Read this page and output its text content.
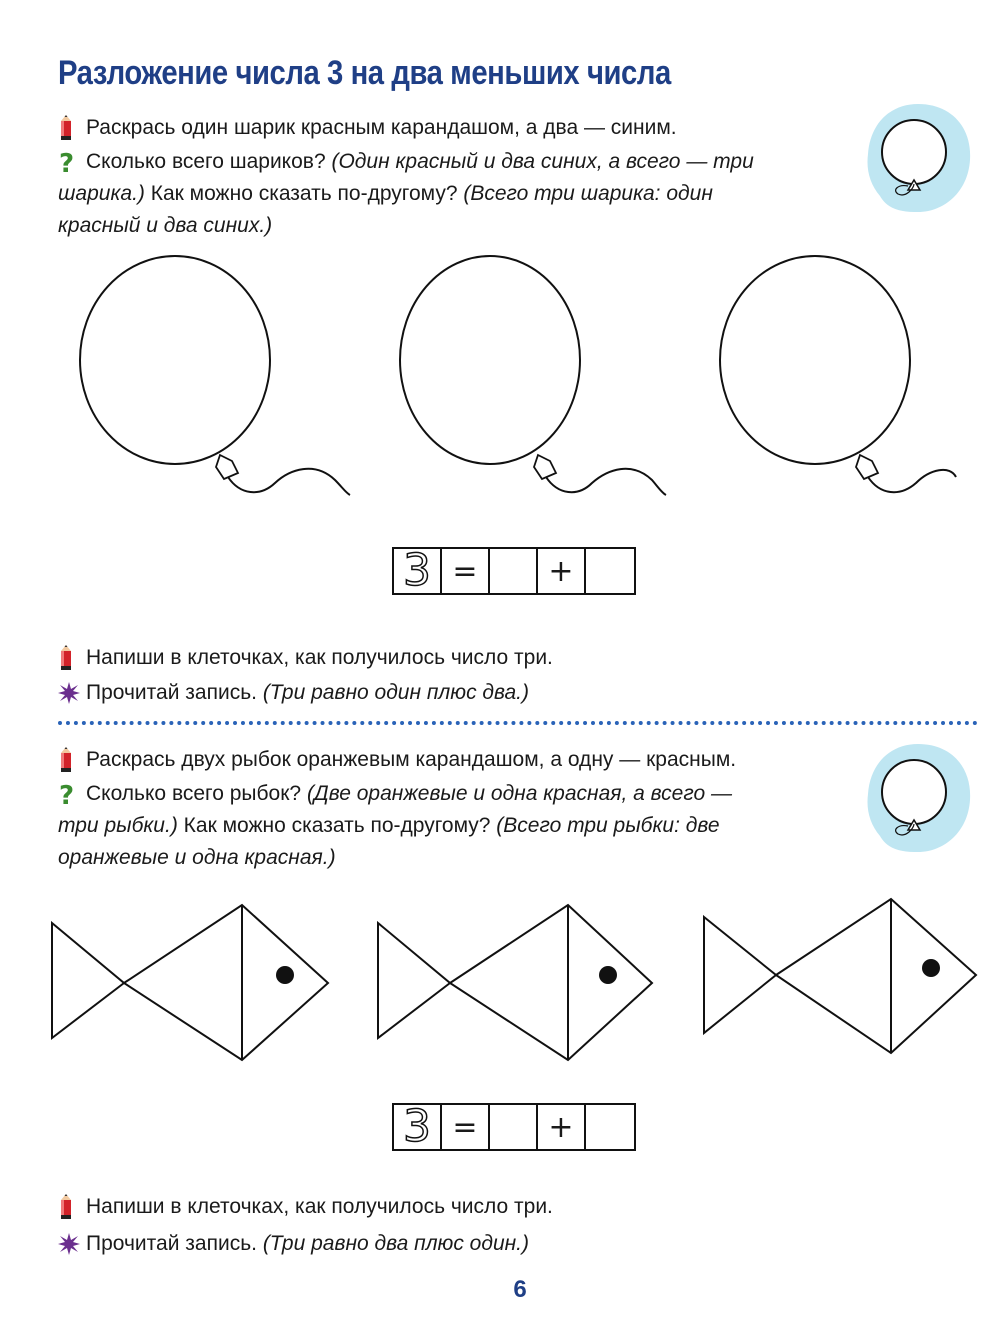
Разложение числа 3 на два меньших числа
Раскрась один шарик красным карандашом, а два — синим.
? Сколько всего шариков? (Один красный и два синих, а всего — три
шарика.) Как можно сказать по-другому? (Всего три шарика: один
красный и два синих.)
3 =	+
Напиши в клеточках, как получилось число три.
Прочитай запись. (Три равно один плюс два.)
Раскрась двух рыбок оранжевым карандашом, а одну — красным.
? Сколько всего рыбок? (Две оранжевые и одна красная, а всего —
три рыбки.) Как можно сказать по-другому? (Всего три рыбки: две
оранжевые и одна красная.)
3 =	+
Напиши в клеточках, как получилось число три.
Прочитай запись. (Три равно два плюс один.)
6
